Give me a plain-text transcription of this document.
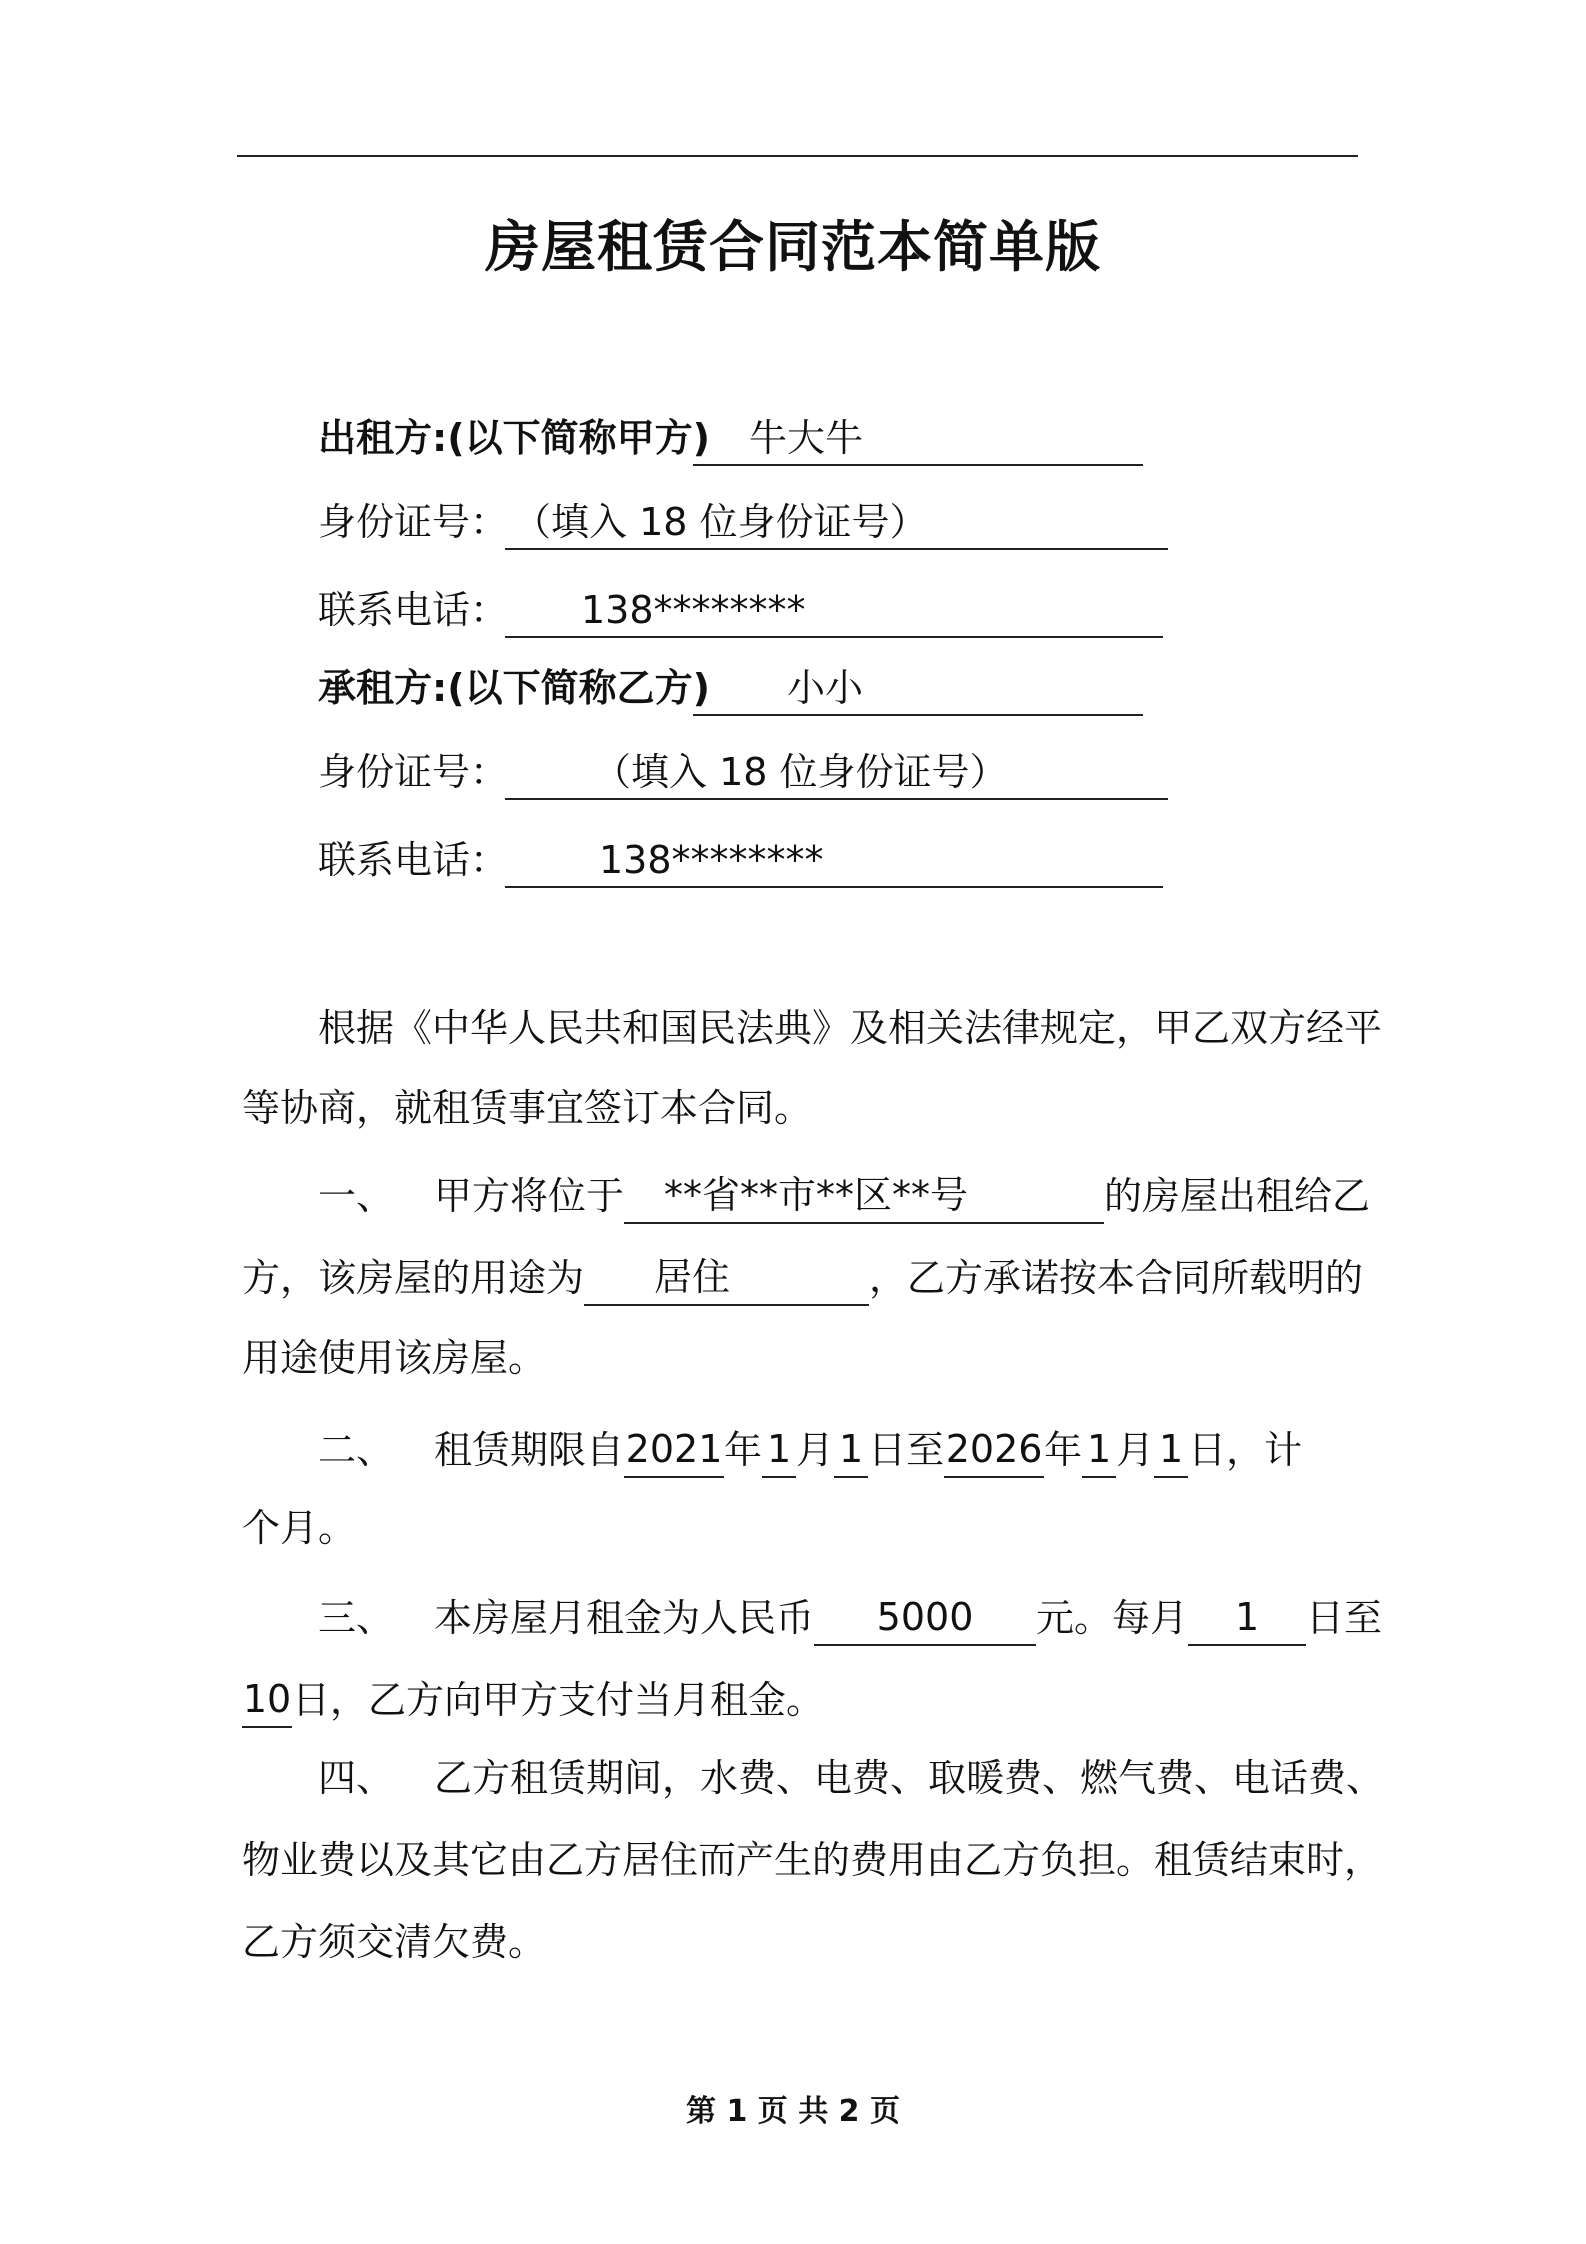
房屋租赁合同范本简单版
出租方:(以下简称甲方)	牛大牛
身份证号： （填入 18 位身份证号）
联系电话：	138********
承租方:(以下简称乙方)	小小
身份证号：	（填入 18 位身份证号）
联系电话：	138********
根据《中华人民共和国民法典》及相关法律规定，甲乙双方经平
等协商，就租赁事宜签订本合同。
一、 甲方将位于 **省**市**区**号	的房屋出租给乙
方，该房屋的用途为 居住	，乙方承诺按本合同所载明的
用途使用该房屋。
二、 租赁期限自2021年 1 月 1 日至2026年 1 月 1 日，计
个月。
三、 本房屋月租金为人民币 5000 元。每月 1 日至
10日，乙方向甲方支付当月租金。
四、 乙方租赁期间，水费、电费、取暖费、燃气费、电话费、
物业费以及其它由乙方居住而产生的费用由乙方负担。租赁结束时，
乙方须交清欠费。
第 1 页 共 2 页
